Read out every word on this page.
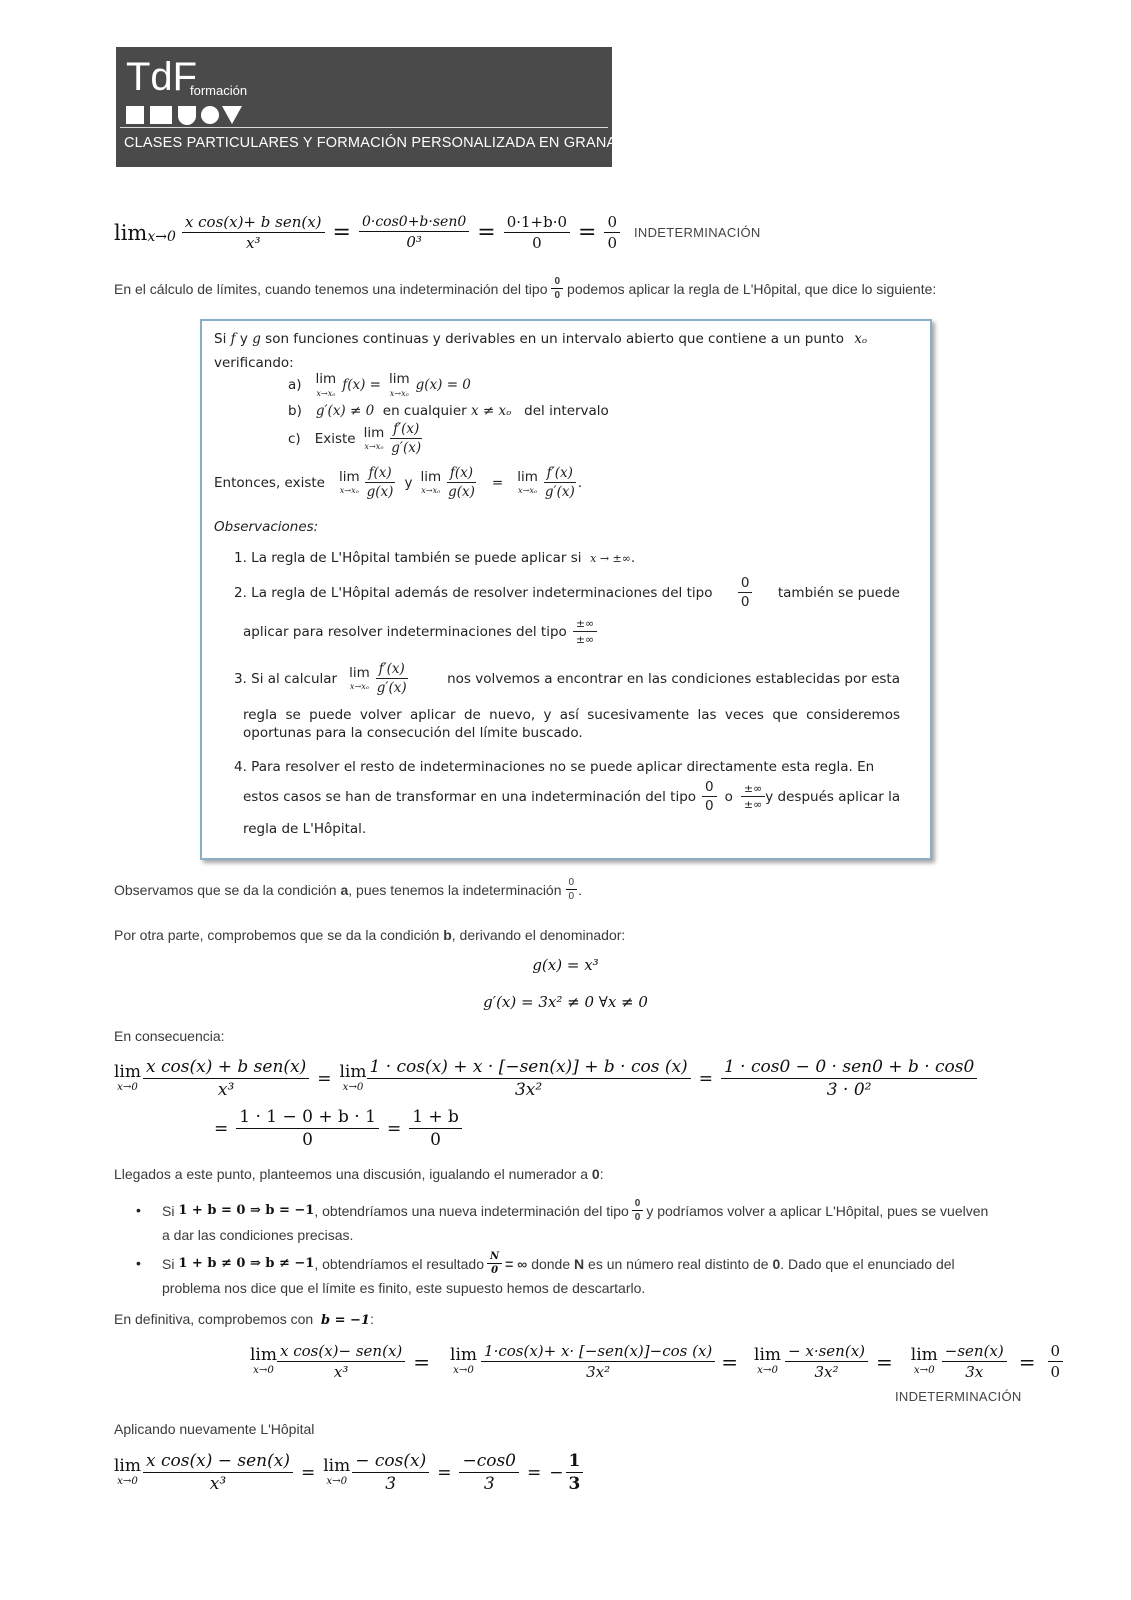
TdF
formación
CLASES PARTICULARES Y FORMACIÓN PERSONALIZADA EN GRANADA
$\lim x\to 0 \frac{\text{x cos(x)+ b sen(x)}}{\text{x³}} = \frac{\text{0·cos0+b·sen0}}{\text{0³}} = \frac{0\cdot 1+b\cdot 0}{0} = \frac{0}{0}$ INDETERMINACIÓN
En el cálculo de límites, cuando tenemos una indeterminación del tipo $\frac{0}{0}$ podemos aplicar la regla de L'Hôpital, que dice lo siguiente:
Si f y g son funciones continuas y derivables en un intervalo abierto que contiene a un punto xₒ
verificando:
a) lim
x→xₒ f(x) = lim
x→xₒ g(x) = 0
b) g′(x) ≠ 0 en cualquier x ≠ xₒ del intervalo
c) Existe lim
$x\to x_o \frac{f'(x)}{g'(x)}$
Entonces, existe lim
$x\to x_o \frac{f(x)}{g(x)}$ y lim
$x\to x_o \frac{f(x)}{g(x)} = \lim$
$x\to x_o \frac{f'(x)}{g'(x)}$ .
Observaciones:
1. La regla de L'Hôpital también se puede aplicar si x → ±∞.
2. La regla de L'Hôpital además de resolver indeterminaciones del tipo $\frac{0}{0}$ también se puede
aplicar para resolver indeterminaciones del tipo $\frac{\pm\infty}{\pm\infty}$
3. Si al calcular lim
$x\to x_o \frac{f'(x)}{g'(x)}$	nos volvemos a encontrar en las condiciones establecidas por esta
regla se puede volver aplicar de nuevo, y así sucesivamente las veces que consideremos
oportunas para la consecución del límite buscado.
4. Para resolver el resto de indeterminaciones no se puede aplicar directamente esta regla. En
estos casos se han de transformar en una indeterminación del tipo $\frac{0}{0}$ o $\frac{\pm\infty}{\pm\infty}$ y después aplicar la
regla de L'Hôpital.
Observamos que se da la condición
a , pues tenemos la indeterminación $\frac{0}{0}$ .
Por otra parte, comprobemos que se da la condición b, derivando el denominador:
g(x) = x³
g′(x) = 3x² ≠ 0 ∀x ≠ 0
En consecuencia:
lim
$x\to 0 \frac{\text{x cos(x) + b sen(x)}}{\text{x³}} = \lim$
$x\to 0 \frac{\text{1 · cos(x) + x · [−sen(x)] + b · cos (x)}}{\text{3x²}} = \frac{\text{1 · cos0 − 0 · sen0 + b · cos0}}{\text{3 · 0²}}$
= $\frac{1 \cdot 1 - 0 + b \cdot 1}{0} = \frac{1 + b}{0}$
Llegados a este punto, planteemos una discusión, igualando el numerador a 0:
• Si
1 + b = 0 ⇒ b = −1 , obtendríamos una nueva indeterminación del tipo $\frac{0}{0}$ y podríamos volver a aplicar L'Hôpital, pues se vuelven
a dar las condiciones precisas.
• Si
1 + b ≠ 0 ⇒ b ≠ −1 , obtendríamos el resultado $\frac{N}{0}$ = ∞ donde
N
es un número real distinto de
0 . Dado que el enunciado del
problema nos dice que el límite es finito, este supuesto hemos de descartarlo.
En definitiva, comprobemos con b = −1:
lim
$x\to 0 \frac{\text{x cos(x)− sen(x)}}{\text{x³}} = \lim$
$x\to 0 \frac{\text{1·cos(x)+ x· [−sen(x)]−cos (x)}}{\text{3x²}} = \lim$
$x\to 0 \frac{\text{− x·sen(x)}}{\text{3x²}} = \lim$
$x\to 0 \frac{\text{−sen(x)}}{3x} = \frac{0}{0}$
INDETERMINACIÓN
Aplicando nuevamente L'Hôpital
lim
$x\to 0 \frac{\text{x cos(x) − sen(x)}}{\text{x³}} = \lim$
$x\to 0 \frac{- \cos(x)}{3} = \frac{-\cos 0}{3}$ = − $\frac{1}{3}$
